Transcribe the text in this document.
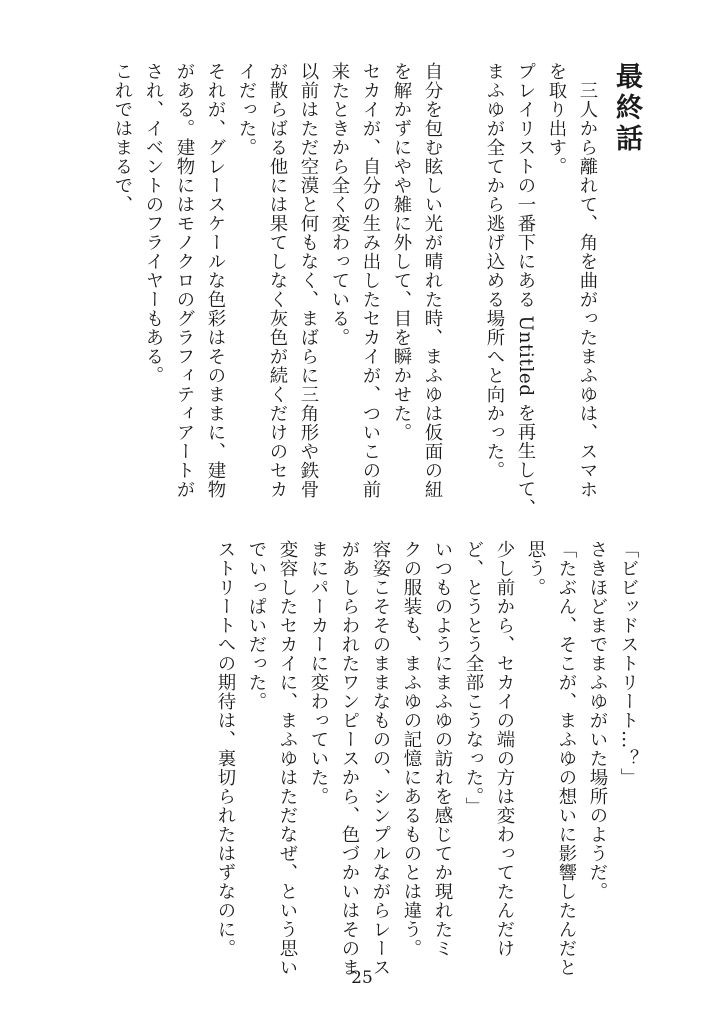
最終話
　三人から離れて、角を曲がったまふゆは、スマホ
を取り出す。
プレイリストの一番下にある Untitled を再生して、
まふゆが全てから逃げ込める場所へと向かった。
自分を包む眩しい光が晴れた時、まふゆは仮面の紐
を解かずにやや雑に外して、目を瞬かせた。
セカイが、自分の生み出したセカイが、ついこの前
来たときから全く変わっている。
以前はただ空漠と何もなく、まばらに三角形や鉄骨
が散らばる他には果てしなく灰色が続くだけのセカ
イだった。
それが、グレースケールな色彩はそのままに、建物
がある。建物にはモノクロのグラフィティアートが
され、イベントのフライヤーもある。
これではまるで、
「ビビッドストリート…？」
さきほどまでまふゆがいた場所のようだ。
「たぶん、そこが、まふゆの想いに影響したんだと
思う。
少し前から、セカイの端の方は変わってたんだけ
ど、とうとう全部こうなった。」
いつものようにまふゆの訪れを感じてか現れたミ
クの服装も、まふゆの記憶にあるものとは違う。
容姿こそそのままなものの、シンプルながらレース
があしらわれたワンピースから、色づかいはそのま
まにパーカーに変わっていた。
変容したセカイに、まふゆはただなぜ、という思い
でいっぱいだった。
ストリートへの期待は、裏切られたはずなのに。
25
